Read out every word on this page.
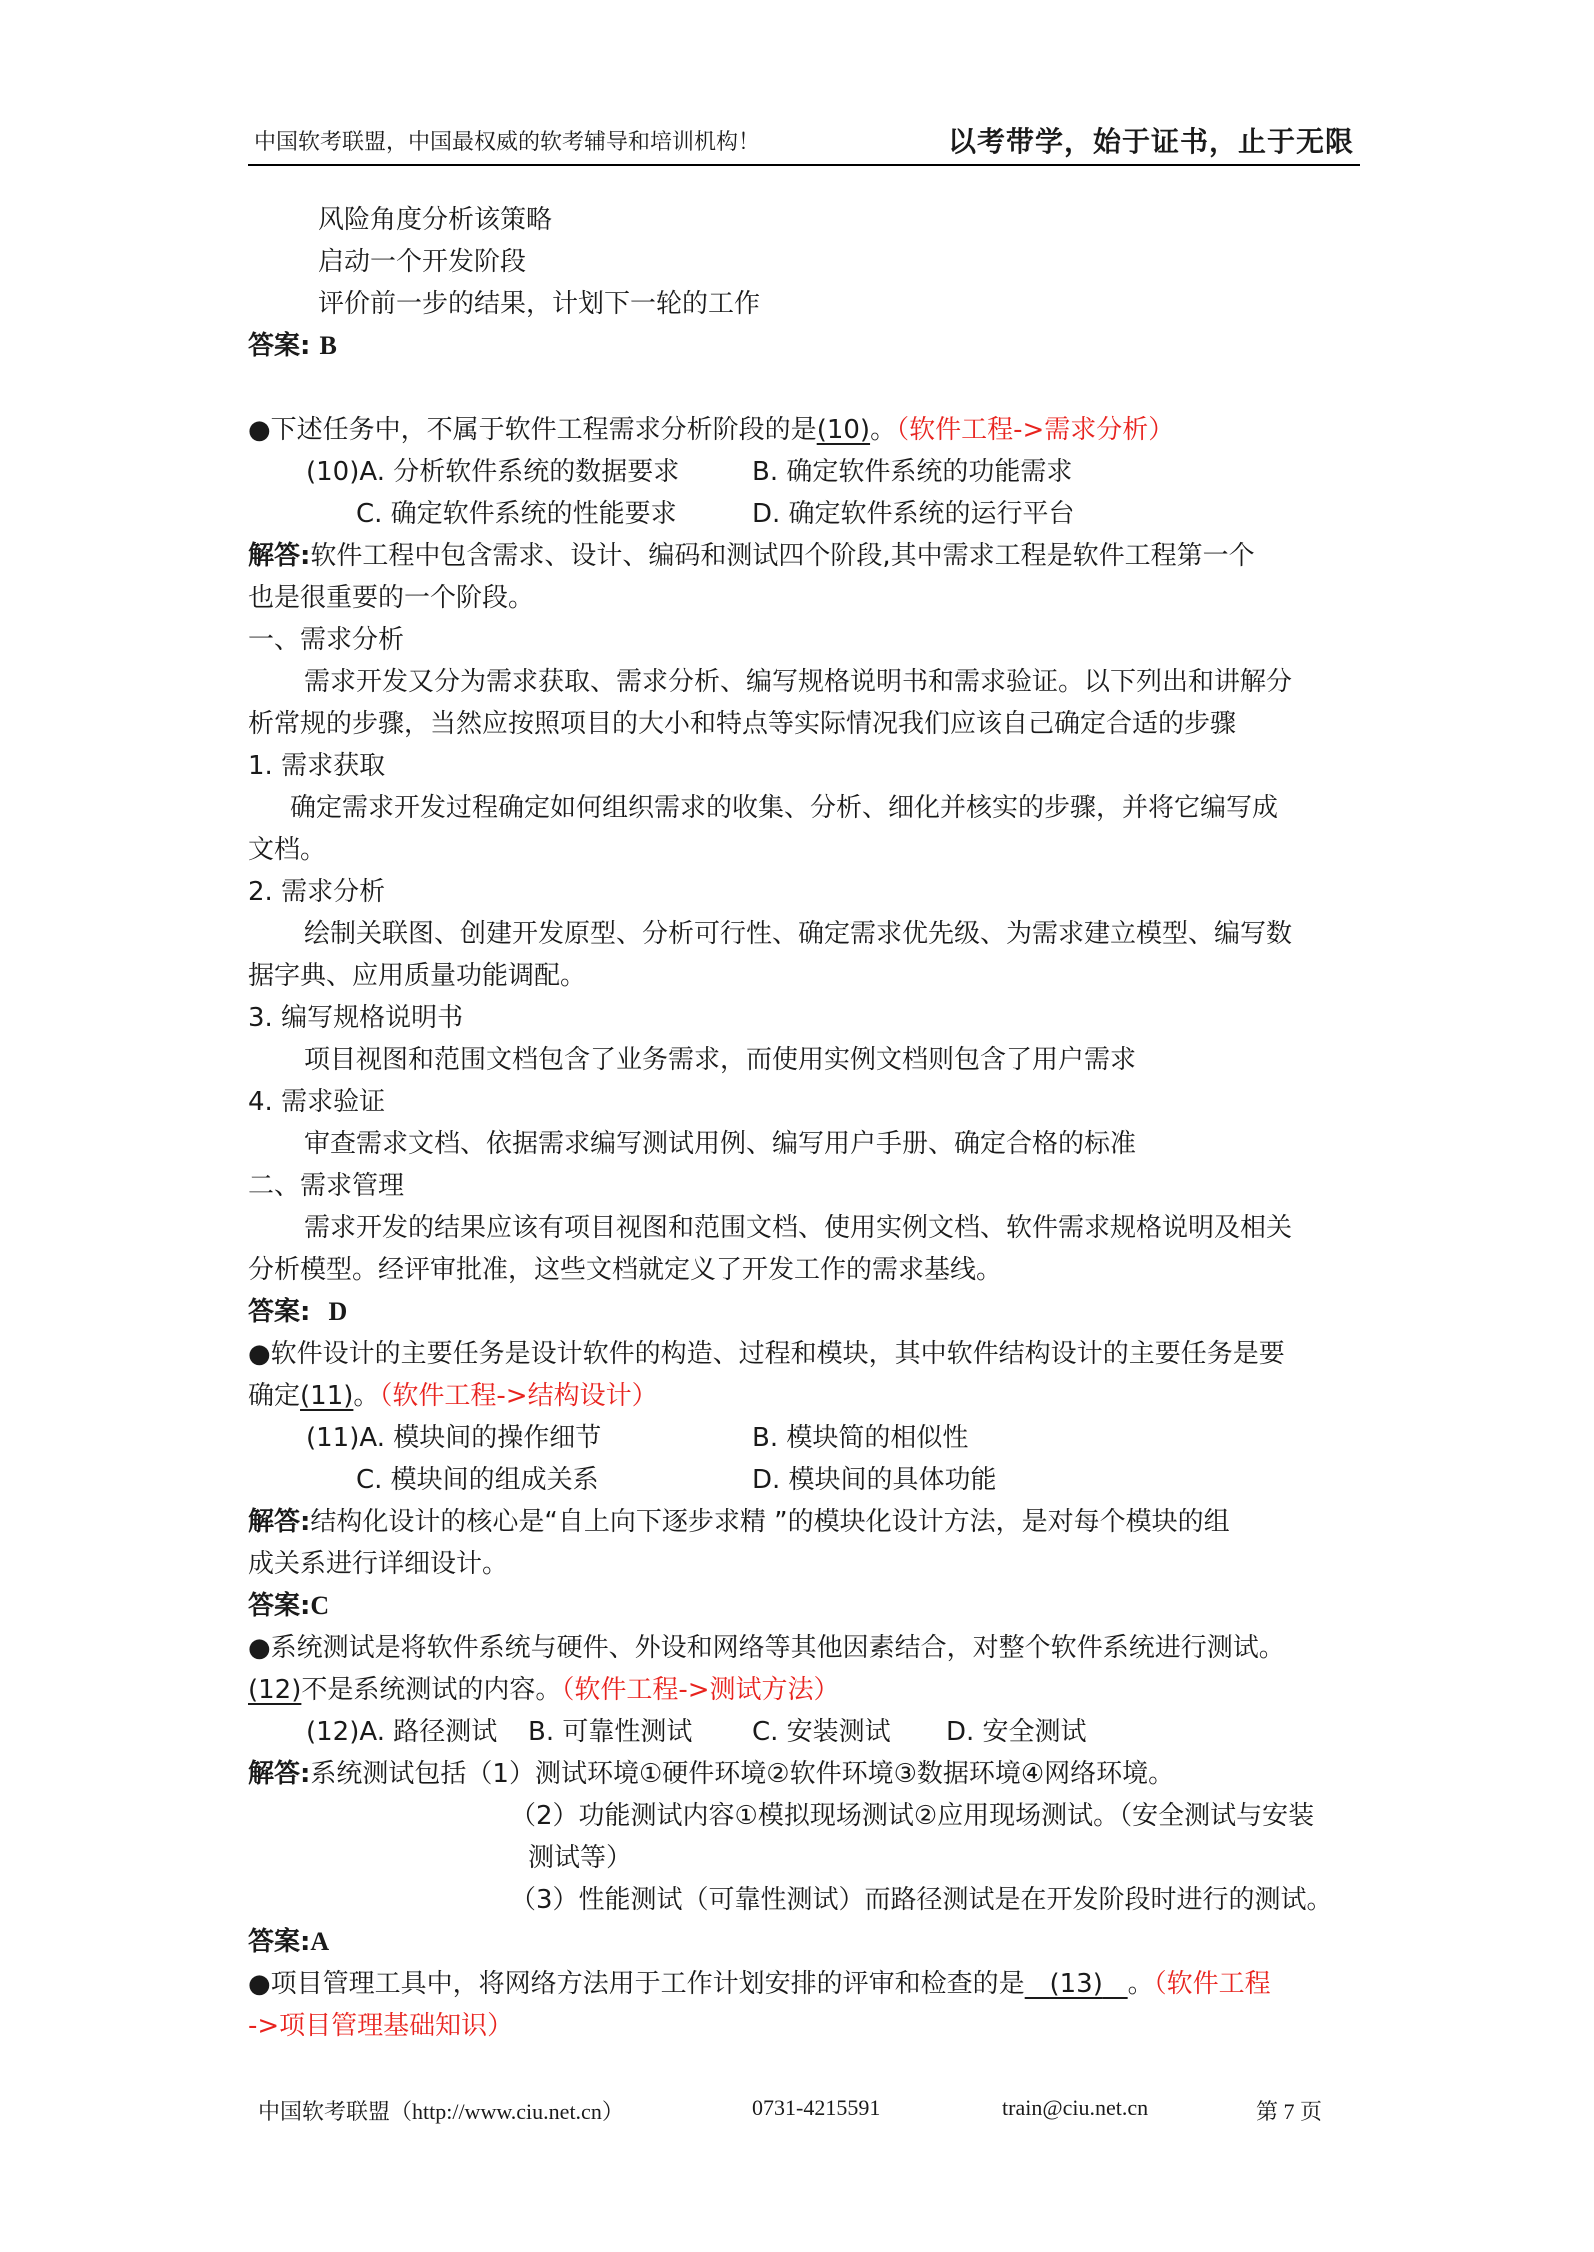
中国软考联盟，中国最权威的软考辅导和培训机构！	以考带学，始于证书，止于无限
风险角度分析该策略
启动一个开发阶段
评价前一步的结果，计划下一轮的工作
答案: B
●下述任务中，不属于软件工程需求分析阶段的是(10)。（软件工程->需求分析）
(10)A. 分析软件系统的数据要求	B. 确定软件系统的功能需求
C. 确定软件系统的性能要求	D. 确定软件系统的运行平台
解答:软件工程中包含需求、设计、编码和测试四个阶段,其中需求工程是软件工程第一个
也是很重要的一个阶段。
一、需求分析
需求开发又分为需求获取、需求分析、编写规格说明书和需求验证。以下列出和讲解分
析常规的步骤，当然应按照项目的大小和特点等实际情况我们应该自己确定合适的步骤
1. 需求获取
确定需求开发过程确定如何组织需求的收集、分析、细化并核实的步骤，并将它编写成
文档。
2. 需求分析
绘制关联图、创建开发原型、分析可行性、确定需求优先级、为需求建立模型、编写数
据字典、应用质量功能调配。
3. 编写规格说明书
项目视图和范围文档包含了业务需求，而使用实例文档则包含了用户需求
4. 需求验证
审查需求文档、依据需求编写测试用例、编写用户手册、确定合格的标准
二、需求管理
需求开发的结果应该有项目视图和范围文档、使用实例文档、软件需求规格说明及相关
分析模型。经评审批准，这些文档就定义了开发工作的需求基线。
答案: D
●软件设计的主要任务是设计软件的构造、过程和模块，其中软件结构设计的主要任务是要
确定(11)。（软件工程->结构设计）
(11)A. 模块间的操作细节	B. 模块简的相似性
C. 模块间的组成关系	D. 模块间的具体功能
解答:结构化设计的核心是“自上向下逐步求精 ”的模块化设计方法，是对每个模块的组
成关系进行详细设计。
答案:C
●系统测试是将软件系统与硬件、外设和网络等其他因素结合，对整个软件系统进行测试。
(12)不是系统测试的内容。（软件工程->测试方法）
(12)A. 路径测试 B. 可靠性测试 C. 安装测试 D. 安全测试
解答:系统测试包括（1）测试环境①硬件环境②软件环境③数据环境④网络环境。
（2）功能测试内容①模拟现场测试②应用现场测试。（安全测试与安装
测试等）
（3）性能测试（可靠性测试）而路径测试是在开发阶段时进行的测试。
答案:A
●项目管理工具中，将网络方法用于工作计划安排的评审和检查的是 (13) 。（软件工程
->项目管理基础知识）
中国软考联盟（http://www.ciu.net.cn）	0731-4215591	train@ciu.net.cn	第 7 页
